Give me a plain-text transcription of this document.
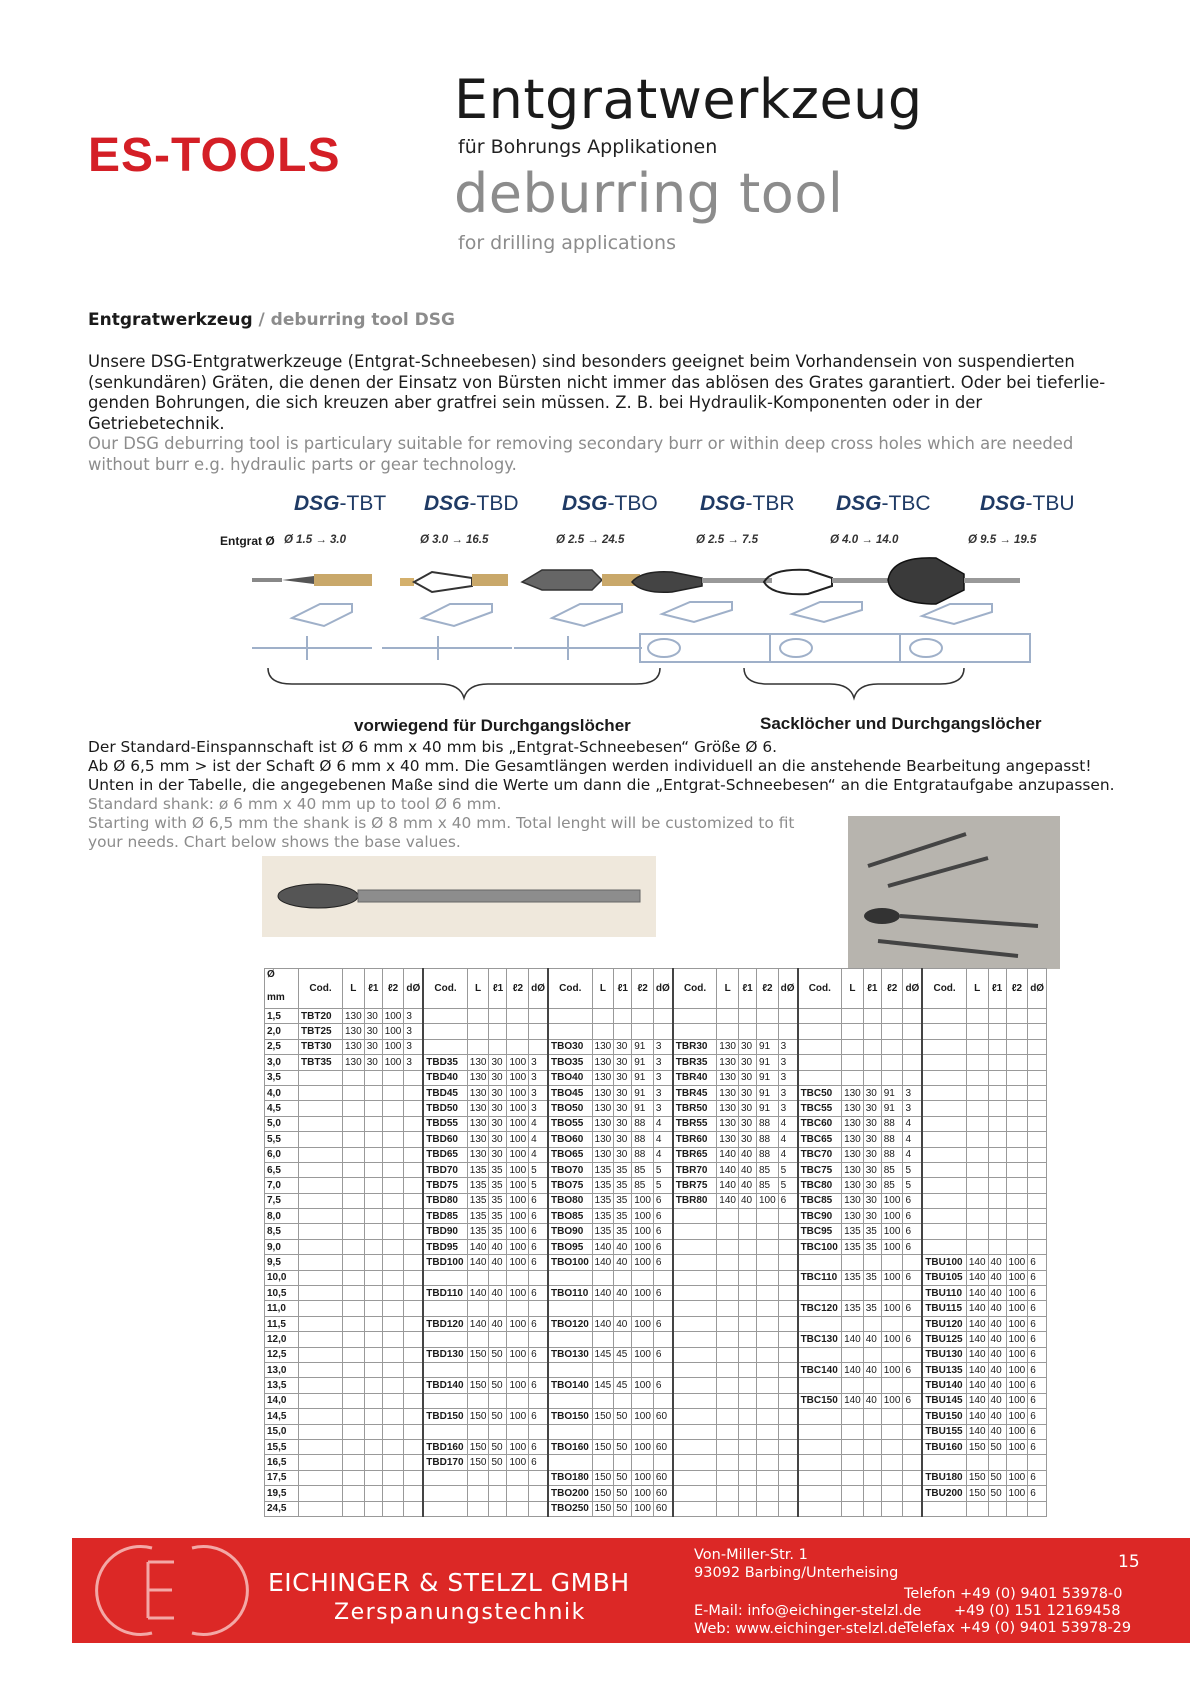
ES-TOOLS
Entgratwerkzeug
für Bohrungs Applikationen
deburring tool
for drilling applications
Entgratwerkzeug / deburring tool DSG
Unsere DSG-Entgratwerkzeuge (Entgrat-Schneebesen) sind besonders geeignet beim Vorhandensein von suspendierten (senkundären) Gräten, die denen der Einsatz von Bürsten nicht immer das ablösen des Grates garantiert. Oder bei tieferlie-genden Bohrungen, die sich kreuzen aber gratfrei sein müssen. Z. B. bei Hydraulik-Komponenten oder in der Getriebetechnik.
Our DSG deburring tool is particulary suitable for removing secondary burr or within deep cross holes which are needed without burr e.g. hydraulic parts or gear technology.
DSG-TBT DSG-TBD DSG-TBO DSG-TBR DSG-TBC DSG-TBU
Entgrat Ø Ø 1.5 → 3.0	Ø 3.0 → 16.5	Ø 2.5 → 24.5	Ø 2.5 → 7.5	Ø 4.0 → 14.0	Ø 9.5 → 19.5
vorwiegend für Durchgangslöcher	Sacklöcher und Durchgangslöcher
Der Standard-Einspannschaft ist Ø 6 mm x 40 mm bis „Entgrat-Schneebesen“ Größe Ø 6.
Ab Ø 6,5 mm > ist der Schaft Ø 6 mm x 40 mm. Die Gesamtlängen werden individuell an die anstehende Bearbeitung angepasst!
Unten in der Tabelle, die angegebenen Maße sind die Werte um dann die „Entgrat-Schneebesen“ an die Entgrataufgabe anzupassen.
Standard shank: ø 6 mm x 40 mm up to tool Ø 6 mm.
Starting with Ø 6,5 mm the shank is Ø 8 mm x 40 mm. Total lenght will be customized to fit
your needs. Chart below shows the base values.
Ø
mm	Cod.	L	ℓ1	ℓ2	dØ	Cod.	L	ℓ1	ℓ2	dØ	Cod.	L	ℓ1	ℓ2	dØ	Cod.	L	ℓ1	ℓ2	dØ	Cod.	L	ℓ1	ℓ2	dØ	Cod.	L	ℓ1	ℓ2	dØ
1,5	TBT20	130	30	100	3																									
2,0	TBT25	130	30	100	3																									
2,5	TBT30	130	30	100	3						TBO30	130	30	91	3	TBR30	130	30	91	3										
3,0	TBT35	130	30	100	3	TBD35	130	30	100	3	TBO35	130	30	91	3	TBR35	130	30	91	3										
3,5						TBD40	130	30	100	3	TBO40	130	30	91	3	TBR40	130	30	91	3										
4,0						TBD45	130	30	100	3	TBO45	130	30	91	3	TBR45	130	30	91	3	TBC50	130	30	91	3					
4,5						TBD50	130	30	100	3	TBO50	130	30	91	3	TBR50	130	30	91	3	TBC55	130	30	91	3					
5,0						TBD55	130	30	100	4	TBO55	130	30	88	4	TBR55	130	30	88	4	TBC60	130	30	88	4					
5,5						TBD60	130	30	100	4	TBO60	130	30	88	4	TBR60	130	30	88	4	TBC65	130	30	88	4					
6,0						TBD65	130	30	100	4	TBO65	130	30	88	4	TBR65	140	40	88	4	TBC70	130	30	88	4					
6,5						TBD70	135	35	100	5	TBO70	135	35	85	5	TBR70	140	40	85	5	TBC75	130	30	85	5					
7,0						TBD75	135	35	100	5	TBO75	135	35	85	5	TBR75	140	40	85	5	TBC80	130	30	85	5					
7,5						TBD80	135	35	100	6	TBO80	135	35	100	6	TBR80	140	40	100	6	TBC85	130	30	100	6					
8,0						TBD85	135	35	100	6	TBO85	135	35	100	6						TBC90	130	30	100	6					
8,5						TBD90	135	35	100	6	TBO90	135	35	100	6						TBC95	135	35	100	6					
9,0						TBD95	140	40	100	6	TBO95	140	40	100	6						TBC100	135	35	100	6					
9,5						TBD100	140	40	100	6	TBO100	140	40	100	6											TBU100	140	40	100	6
10,0																					TBC110	135	35	100	6	TBU105	140	40	100	6
10,5						TBD110	140	40	100	6	TBO110	140	40	100	6											TBU110	140	40	100	6
11,0																					TBC120	135	35	100	6	TBU115	140	40	100	6
11,5						TBD120	140	40	100	6	TBO120	140	40	100	6											TBU120	140	40	100	6
12,0																					TBC130	140	40	100	6	TBU125	140	40	100	6
12,5						TBD130	150	50	100	6	TBO130	145	45	100	6											TBU130	140	40	100	6
13,0																					TBC140	140	40	100	6	TBU135	140	40	100	6
13,5						TBD140	150	50	100	6	TBO140	145	45	100	6											TBU140	140	40	100	6
14,0																					TBC150	140	40	100	6	TBU145	140	40	100	6
14,5						TBD150	150	50	100	6	TBO150	150	50	100	60											TBU150	140	40	100	6
15,0																										TBU155	140	40	100	6
15,5						TBD160	150	50	100	6	TBO160	150	50	100	60											TBU160	150	50	100	6
16,5						TBD170	150	50	100	6																				
17,5											TBO180	150	50	100	60											TBU180	150	50	100	6
19,5											TBO200	150	50	100	60											TBU200	150	50	100	6
24,5											TBO250	150	50	100	60															
EICHINGER & STELZL GMBH
Zerspanungstechnik
Von-Miller-Str. 1
93092 Barbing/Unterheising
E-Mail: info@eichinger-stelzl.de
Web: www.eichinger-stelzl.de
Telefon +49 (0) 9401 53978-0
+49 (0) 151 12169458
Telefax +49 (0) 9401 53978-29
15
